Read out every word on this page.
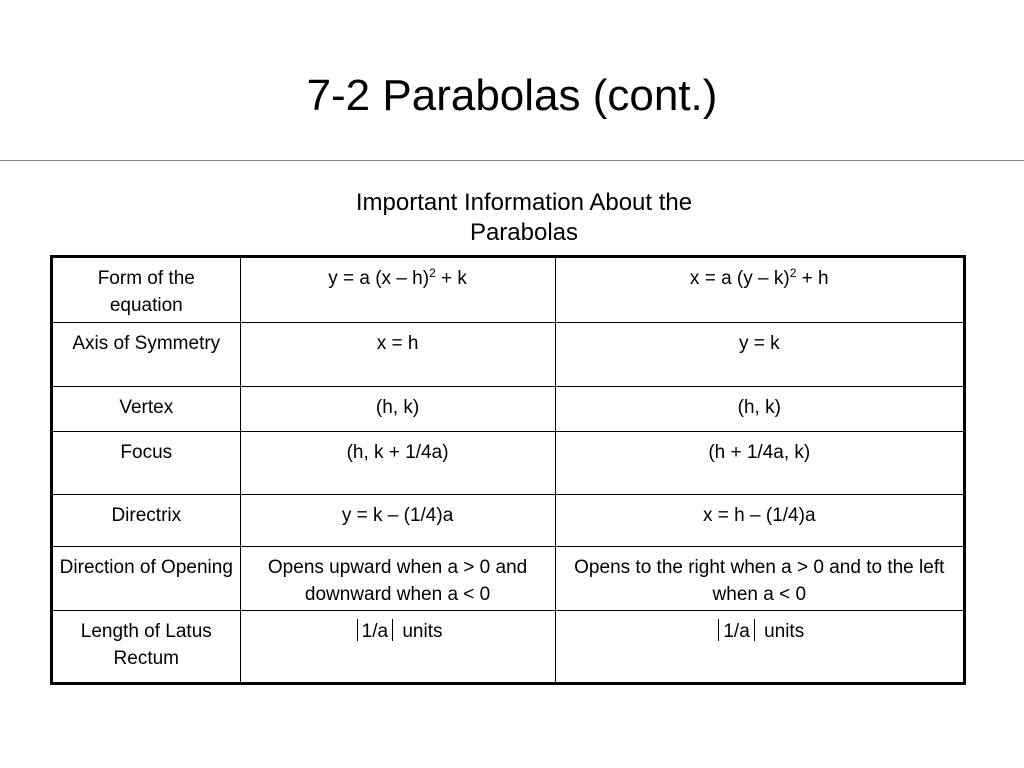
7-2 Parabolas (cont.)
Important Information About the Parabolas
Form of the equation	y = a (x – h)$^2$ + k	x = a (y – k)$^2$ + h
Axis of Symmetry	x = h	y = k
Vertex	(h, k)	(h, k)
Focus	(h, k + 1/4a)	(h + 1/4a, k)
Directrix	y = k – (1/4)a	x = h – (1/4)a
Direction of Opening	Opens upward when a > 0 and downward when a < 0	Opens to the right when a > 0 and to the left when a < 0
Length of Latus Rectum	1/a units	1/a units
